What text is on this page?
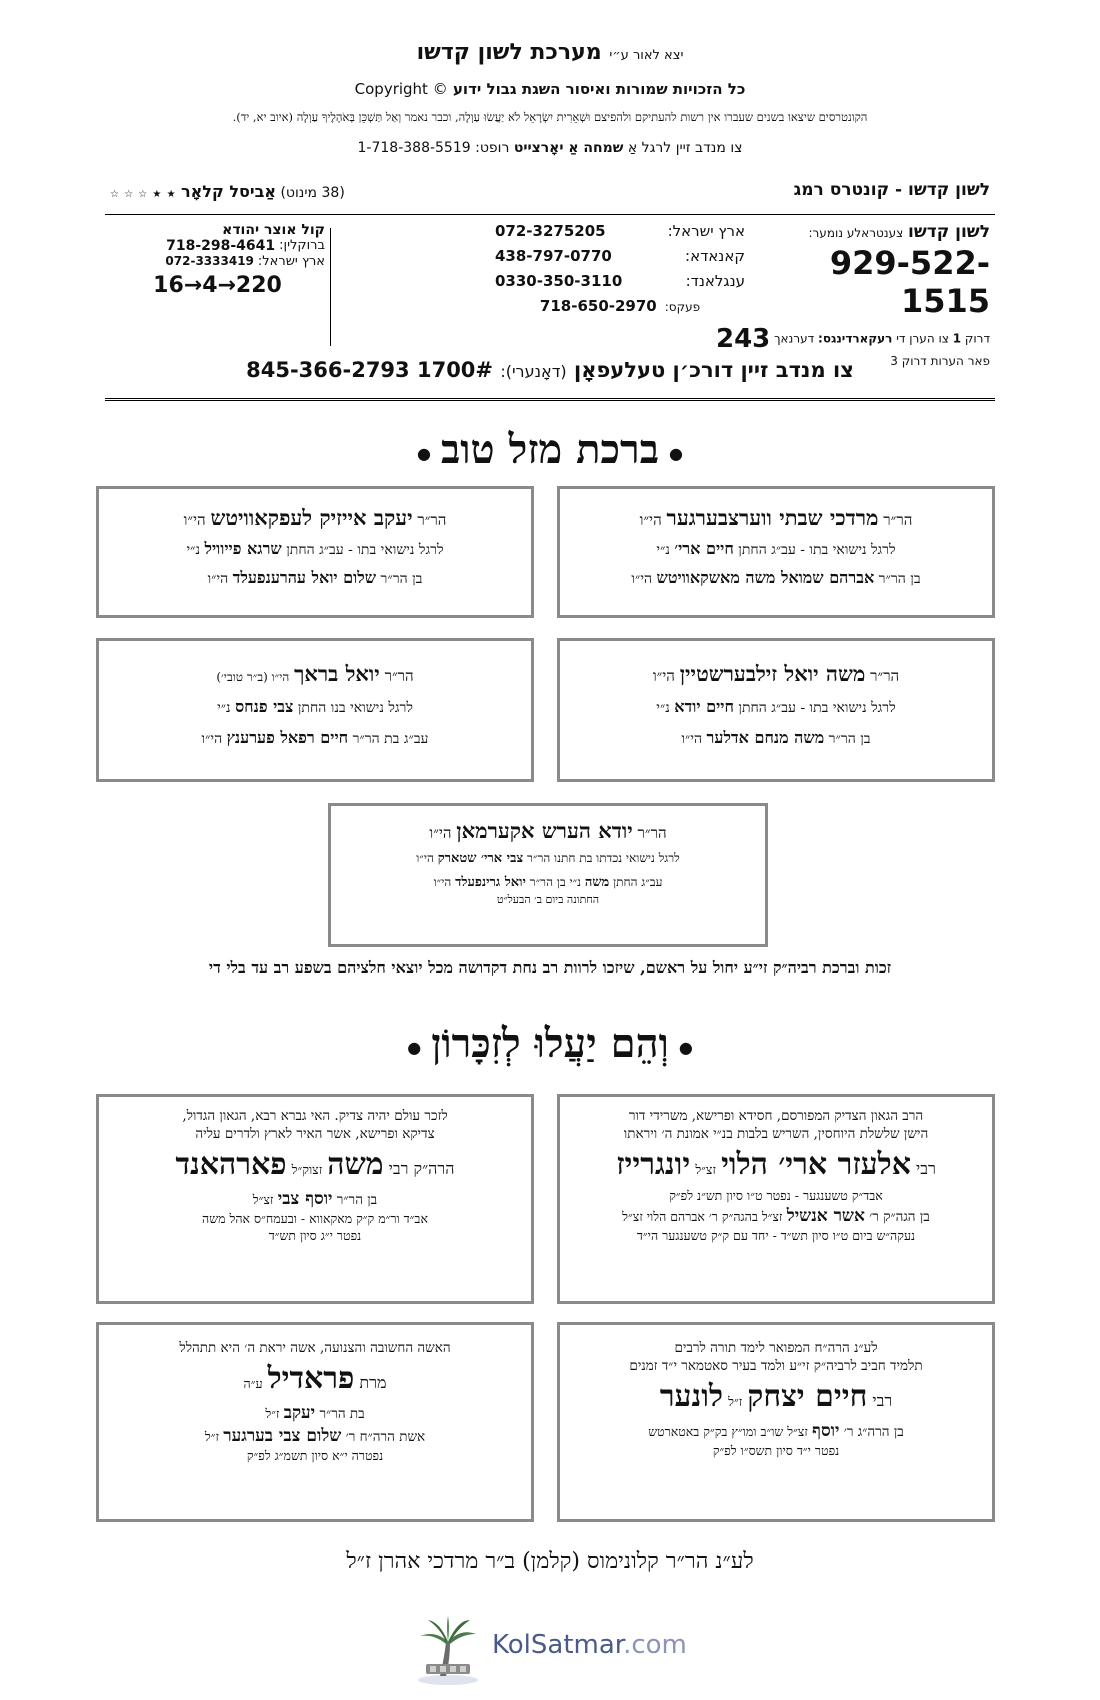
יצא לאור ע״י מערכת לשון קדשו
כל הזכויות שמורות ואיסור השגת גבול ידוע Copyright ©
הקונטרסים שיצאו בשנים שעברו אין רשות להעתיקם ולהפיצם וּשְׁאֵרִית יִשְׂרָאֵל לֹא יַעֲשׂוּ עַוְלָה, וכבר נאמר וְאַל תַּשְׁכֵּן בְּאֹהָלֶיךָ עַוְלָה (איוב יא, יד).
צו מנדב זיין לרגל אַ שמחה אַ יאָרצייט רופט: 1-718-388-5519
לשון קדשו - קונטרס רמג
(38 מינוט) אַביסל קלאָר ★ ★ ☆ ☆ ☆
לשון קדשו צענטראלע נומער:
929-522-1515
דרוק 1 צו הערן די רעקארדינגס: דערנאך 243
פאר הערות דרוק 3
ארץ ישראל:
072-3275205
קאנאדא:
438-797-0770
ענגלאנד:
0330-350-3110
פעקס:
718-650-2970
קול אוצר יהודא
ברוקלין:
718-298-4641
ארץ ישראל:
072-3333419
16→4→220
צו מנדב זיין דורכ׳ן טעלעפאָן (דאָנערי): 845-366-2793 1700#
●ברכת מזל טוב●
הר״ר מרדכי שבתי ווערצבערגער הי״ו
לרגל נישואי בתו - עב״ג החתן חיים ארי׳ נ״י
בן הר״ר אברהם שמואל משה מאשקאוויטש הי״ו
הר״ר יעקב אייזיק לעפקאוויטש הי״ו
לרגל נישואי בתו - עב״ג החתן שרגא פייוויל נ״י
בן הר״ר שלום יואל עהרענפעלד הי״ו
הר״ר משה יואל זילבערשטיין הי״ו
לרגל נישואי בתו - עב״ג החתן חיים יודא נ״י
בן הר״ר משה מנחם אדלער הי״ו
הר״ר יואל בראך הי״ו (ב״ר טובי׳)
לרגל נישואי בנו החתן צבי פנחס נ״י
עב״ג בת הר״ר חיים רפאל פערענץ הי״ו
הר״ר יודא הערש אקערמאן הי״ו
לרגל נישואי נכדתו בת חתנו הר״ר צבי ארי׳ שטארק הי״ו
עב״ג החתן משה נ״י בן הר״ר יואל גרינפעלד הי״ו
החתונה ביום ב׳ הבעל״ט
זכות וברכת רביה״ק זי״ע יחול על ראשם, שיזכו לרוות רב נחת דקדושה מכל יוצאי חלציהם בשפע רב עד בלי די
●וְהֵם יַעֲלוּ לְזִכָּרוֹן●
הרב הגאון הצדיק המפורסם, חסידא ופרישא, משרידי דור
הישן שלשלת היוחסין, השריש בלבות בנ״י אמונת ה׳ ויראתו
רבי אלעזר ארי׳ הלוי זצ״ל יונגרייז
אבד״ק טשענגער - נפטר ט״ו סיון תש״נ לפ״ק
בן הגה״ק ר׳ אשר אנשיל זצ״ל בהגה״ק ר׳ אברהם הלוי זצ״ל
נעקה״ש ביום ט״ו סיון תש״ד - יחד עם ק״ק טשענגער הי״ד
לזכר עולם יהיה צדיק. האי גברא רבא, הגאון הגדול,
צדיקא ופרישא, אשר האיר לארץ ולדרים עליה
הרה״ק רבי משה זצוק״ל פארהאנד
בן הר״ר יוסף צבי זצ״ל
אב״ד ור״מ ק״ק מאקאווא - ובעמח״ס אהל משה
נפטר י״ג סיון תש״ד
לע״נ הרה״ח המפואר לימד תורה לרבים
תלמיד חביב לרביה״ק זי״ע ולמד בעיר סאטמאר י״ד זמנים
רבי חיים יצחק ז״ל לונער
בן הרה״ג ר׳ יוסף זצ״ל שו״ב ומו״ץ בק״ק באטארטש
נפטר י״ד סיון תשס״ו לפ״ק
האשה החשובה והצנועה, אשה יראת ה׳ היא תתהלל
מרת פראדיל ע״ה
בת הר״ר יעקב ז״ל
אשת הרה״ח ר׳ שלום צבי בערגער ז״ל
נפטרה י״א סיון תשמ״ג לפ״ק
לע״נ הר״ר קלונימוס (קלמן) ב״ר מרדכי אהרן ז״ל
KolSatmar.com
